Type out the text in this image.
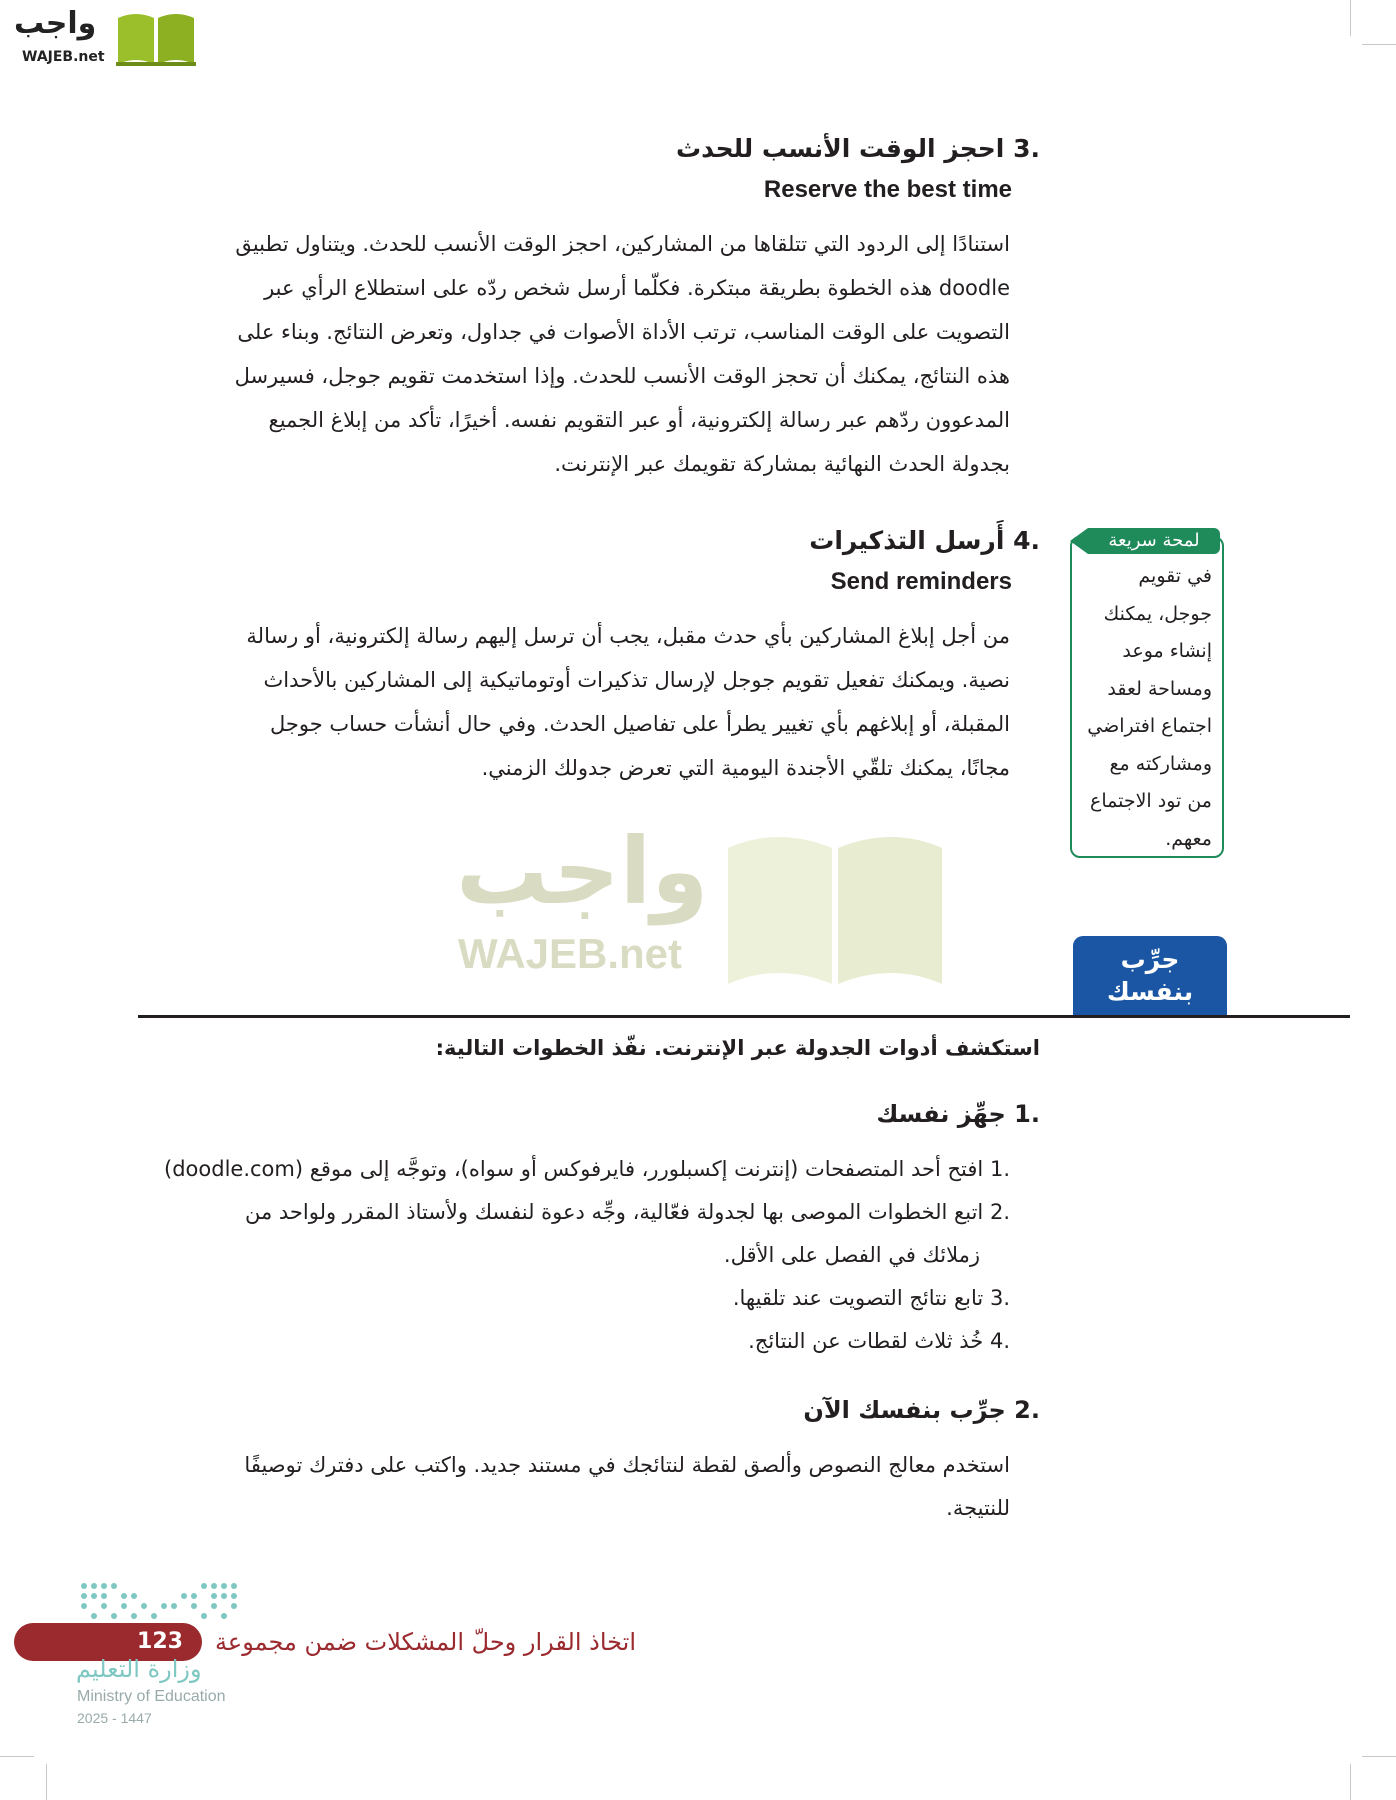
واجب
WAJEB.net
.3 احجز الوقت الأنسب للحدث
Reserve the best time
استنادًا إلى الردود التي تتلقاها من المشاركين، احجز الوقت الأنسب للحدث. ويتناول تطبيق
doodle هذه الخطوة بطريقة مبتكرة. فكلّما أرسل شخص ردّه على استطلاع الرأي عبر
التصويت على الوقت المناسب، ترتب الأداة الأصوات في جداول، وتعرض النتائج. وبناء على
هذه النتائج، يمكنك أن تحجز الوقت الأنسب للحدث. وإذا استخدمت تقويم جوجل، فسيرسل
المدعوون ردّهم عبر رسالة إلكترونية، أو عبر التقويم نفسه. أخيرًا، تأكد من إبلاغ الجميع
بجدولة الحدث النهائية بمشاركة تقويمك عبر الإنترنت.
.4 أَرسل التذكيرات
Send reminders
من أجل إبلاغ المشاركين بأي حدث مقبل، يجب أن ترسل إليهم رسالة إلكترونية، أو رسالة
نصية. ويمكنك تفعيل تقويم جوجل لإرسال تذكيرات أوتوماتيكية إلى المشاركين بالأحداث
المقبلة، أو إبلاغهم بأي تغيير يطرأ على تفاصيل الحدث. وفي حال أنشأت حساب جوجل
مجانًا، يمكنك تلقّي الأجندة اليومية التي تعرض جدولك الزمني.
لمحة سريعة
في تقويم
جوجل، يمكنك
إنشاء موعد
ومساحة لعقد
اجتماع افتراضي
ومشاركته مع
من تود الاجتماع
معهم.
واجب
WAJEB.net	جرِّب
بنفسك
استكشف أدوات الجدولة عبر الإنترنت. نفّذ الخطوات التالية:
.1 جهِّز نفسك
.1 افتح أحد المتصفحات (إنترنت إكسبلورر، فايرفوكس أو سواه)، وتوجَّه إلى موقع (doodle.com)
.2 اتبع الخطوات الموصى بها لجدولة فعّالية، وجِّه دعوة لنفسك ولأستاذ المقرر ولواحد من
زملائك في الفصل على الأقل.
.3 تابع نتائج التصويت عند تلقيها.
.4 خُذ ثلاث لقطات عن النتائج.
.2 جرِّب بنفسك الآن
استخدم معالج النصوص وألصق لقطة لنتائجك في مستند جديد. واكتب على دفترك توصيفًا
للنتيجة.
123	اتخاذ القرار وحلّ المشكلات ضمن مجموعة
وزارة التعليم
Ministry of Education
2025 - 1447
